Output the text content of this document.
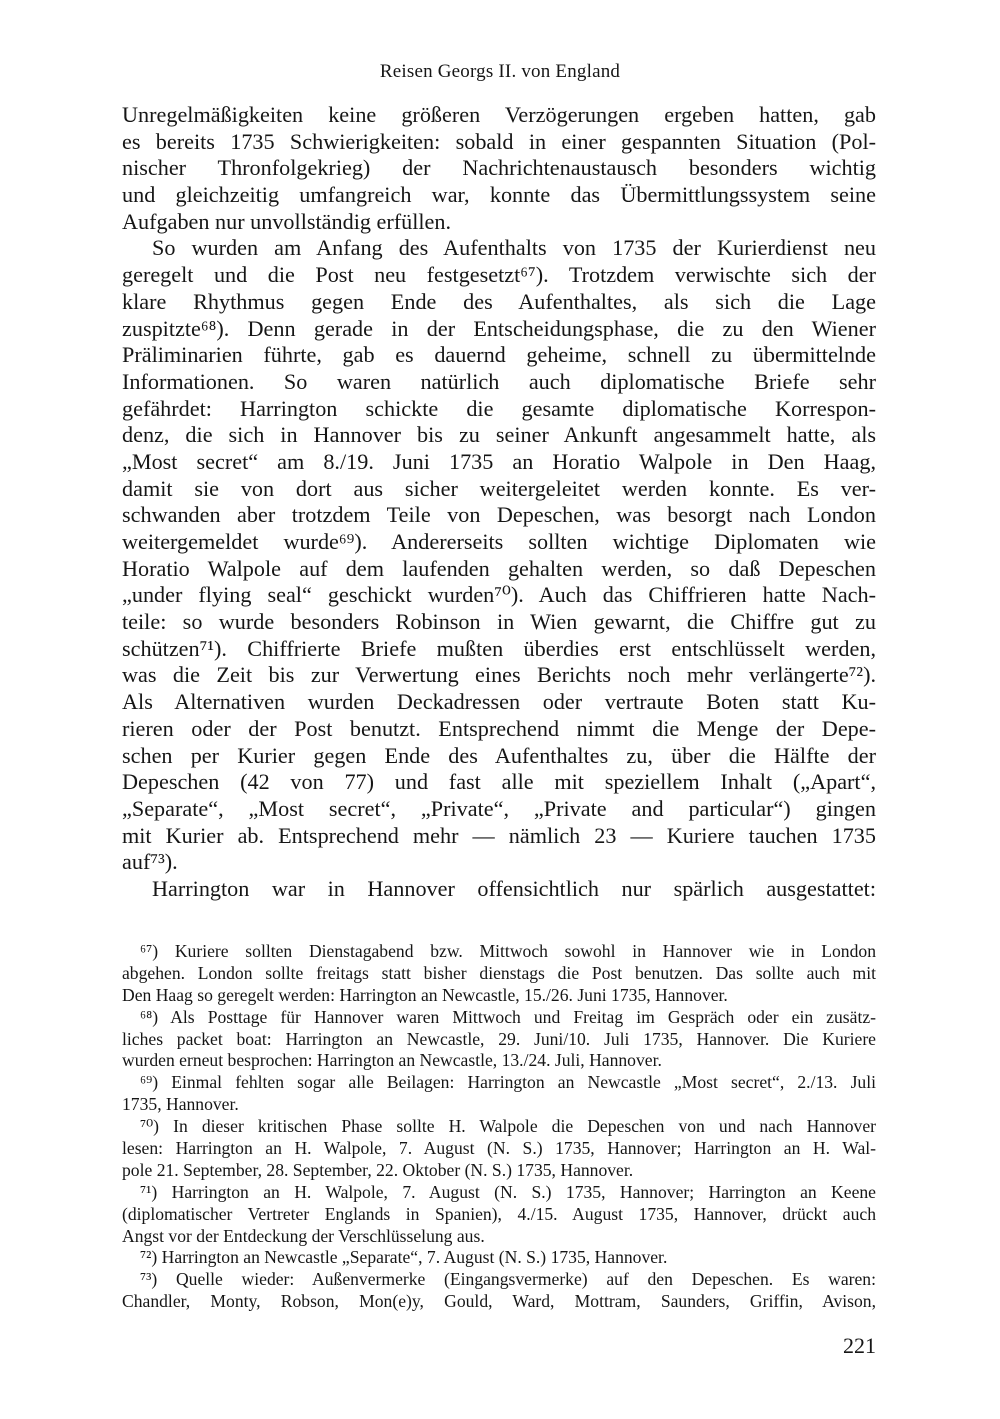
Reisen Georgs II. von England
Unregelmäßigkeiten keine größeren Verzögerungen ergeben hatten, gab
es bereits 1735 Schwierigkeiten: sobald in einer gespannten Situation (Pol-
nischer Thronfolgekrieg) der Nachrichtenaustausch besonders wichtig
und gleichzeitig umfangreich war, konnte das Übermittlungssystem seine
Aufgaben nur unvollständig erfüllen.
So wurden am Anfang des Aufenthalts von 1735 der Kurierdienst neu
geregelt und die Post neu festgesetzt⁶⁷). Trotzdem verwischte sich der
klare Rhythmus gegen Ende des Aufenthaltes, als sich die Lage
zuspitzte⁶⁸). Denn gerade in der Entscheidungsphase, die zu den Wiener
Präliminarien führte, gab es dauernd geheime, schnell zu übermittelnde
Informationen. So waren natürlich auch diplomatische Briefe sehr
gefährdet: Harrington schickte die gesamte diplomatische Korrespon-
denz, die sich in Hannover bis zu seiner Ankunft angesammelt hatte, als
„Most secret“ am 8./19. Juni 1735 an Horatio Walpole in Den Haag,
damit sie von dort aus sicher weitergeleitet werden konnte. Es ver-
schwanden aber trotzdem Teile von Depeschen, was besorgt nach London
weitergemeldet wurde⁶⁹). Andererseits sollten wichtige Diplomaten wie
Horatio Walpole auf dem laufenden gehalten werden, so daß Depeschen
„under flying seal“ geschickt wurden⁷⁰). Auch das Chiffrieren hatte Nach-
teile: so wurde besonders Robinson in Wien gewarnt, die Chiffre gut zu
schützen⁷¹). Chiffrierte Briefe mußten überdies erst entschlüsselt werden,
was die Zeit bis zur Verwertung eines Berichts noch mehr verlängerte⁷²).
Als Alternativen wurden Deckadressen oder vertraute Boten statt Ku-
rieren oder der Post benutzt. Entsprechend nimmt die Menge der Depe-
schen per Kurier gegen Ende des Aufenthaltes zu, über die Hälfte der
Depeschen (42 von 77) und fast alle mit speziellem Inhalt („Apart“,
„Separate“, „Most secret“, „Private“, „Private and particular“) gingen
mit Kurier ab. Entsprechend mehr — nämlich 23 — Kuriere tauchen 1735
auf⁷³).
Harrington war in Hannover offensichtlich nur spärlich ausgestattet:
⁶⁷) Kuriere sollten Dienstagabend bzw. Mittwoch sowohl in Hannover wie in London
abgehen. London sollte freitags statt bisher dienstags die Post benutzen. Das sollte auch mit
Den Haag so geregelt werden: Harrington an Newcastle, 15./26. Juni 1735, Hannover.
⁶⁸) Als Posttage für Hannover waren Mittwoch und Freitag im Gespräch oder ein zusätz-
liches packet boat: Harrington an Newcastle, 29. Juni/10. Juli 1735, Hannover. Die Kuriere
wurden erneut besprochen: Harrington an Newcastle, 13./24. Juli, Hannover.
⁶⁹) Einmal fehlten sogar alle Beilagen: Harrington an Newcastle „Most secret“, 2./13. Juli
1735, Hannover.
⁷⁰) In dieser kritischen Phase sollte H. Walpole die Depeschen von und nach Hannover
lesen: Harrington an H. Walpole, 7. August (N. S.) 1735, Hannover; Harrington an H. Wal-
pole 21. September, 28. September, 22. Oktober (N. S.) 1735, Hannover.
⁷¹) Harrington an H. Walpole, 7. August (N. S.) 1735, Hannover; Harrington an Keene
(diplomatischer Vertreter Englands in Spanien), 4./15. August 1735, Hannover, drückt auch
Angst vor der Entdeckung der Verschlüsselung aus.
⁷²) Harrington an Newcastle „Separate“, 7. August (N. S.) 1735, Hannover.
⁷³) Quelle wieder: Außenvermerke (Eingangsvermerke) auf den Depeschen. Es waren:
Chandler, Monty, Robson, Mon(e)y, Gould, Ward, Mottram, Saunders, Griffin, Avison,
221
